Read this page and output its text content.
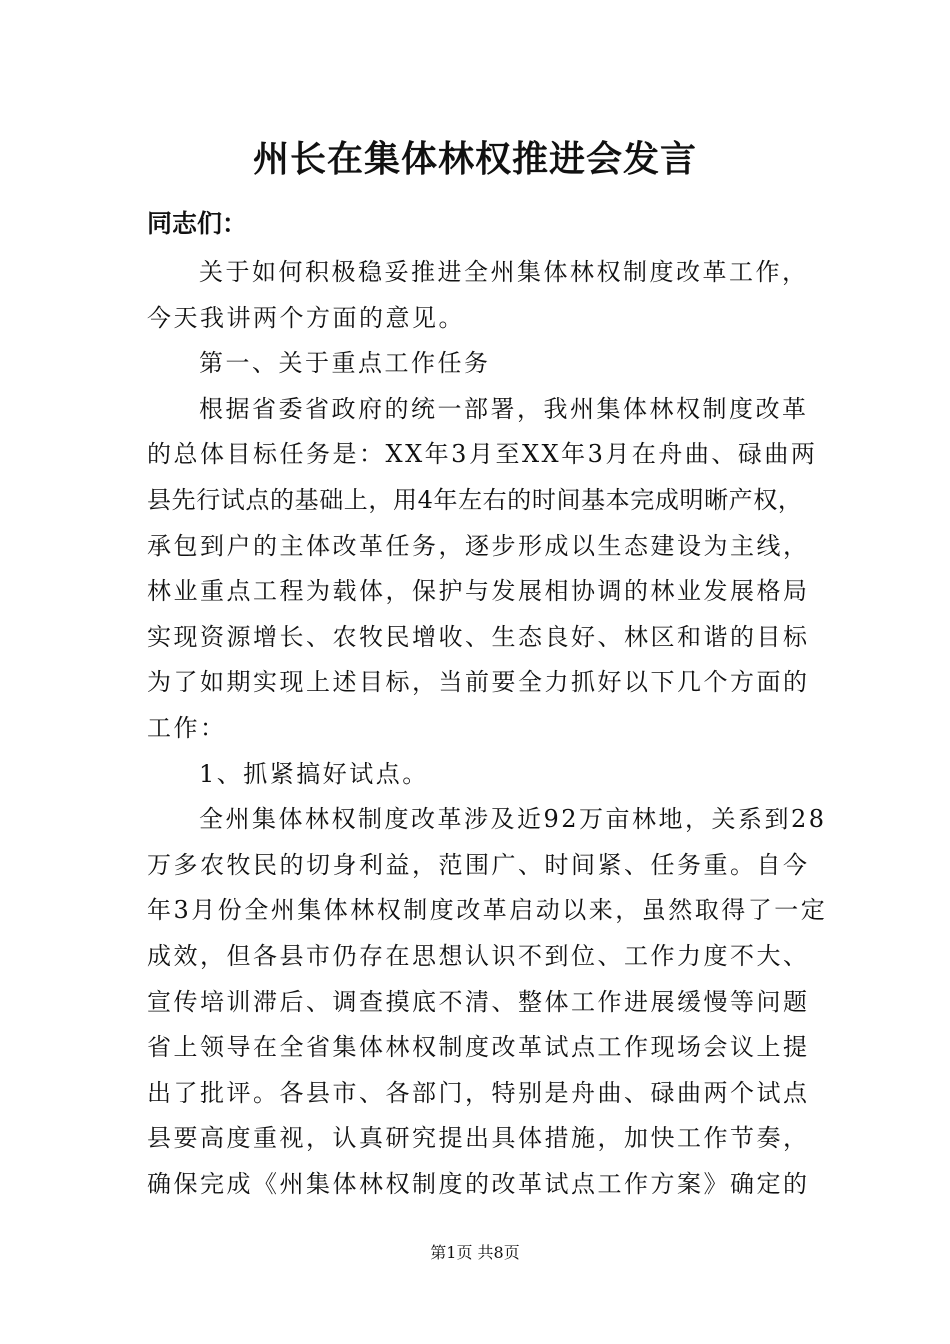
州长在集体林权推进会发言

同志们：

关于如何积极稳妥推进全州集体林权制度改革工作，
今天我讲两个方面的意见。

第一、关于重点工作任务

根据省委省政府的统一部署，我州集体林权制度改革
的总体目标任务是：XX年3月至XX年3月在舟曲、碌曲两
县先行试点的基础上，用4年左右的时间基本完成明晰产权，
承包到户的主体改革任务，逐步形成以生态建设为主线，
林业重点工程为载体，保护与发展相协调的林业发展格局
实现资源增长、农牧民增收、生态良好、林区和谐的目标
为了如期实现上述目标，当前要全力抓好以下几个方面的
工作：

1、抓紧搞好试点。

全州集体林权制度改革涉及近92万亩林地，关系到28
万多农牧民的切身利益，范围广、时间紧、任务重。自今
年3月份全州集体林权制度改革启动以来，虽然取得了一定
成效，但各县市仍存在思想认识不到位、工作力度不大、
宣传培训滞后、调查摸底不清、整体工作进展缓慢等问题
省上领导在全省集体林权制度改革试点工作现场会议上提
出了批评。各县市、各部门，特别是舟曲、碌曲两个试点
县要高度重视，认真研究提出具体措施，加快工作节奏，
确保完成《州集体林权制度的改革试点工作方案》确定的

第1页 共8页
